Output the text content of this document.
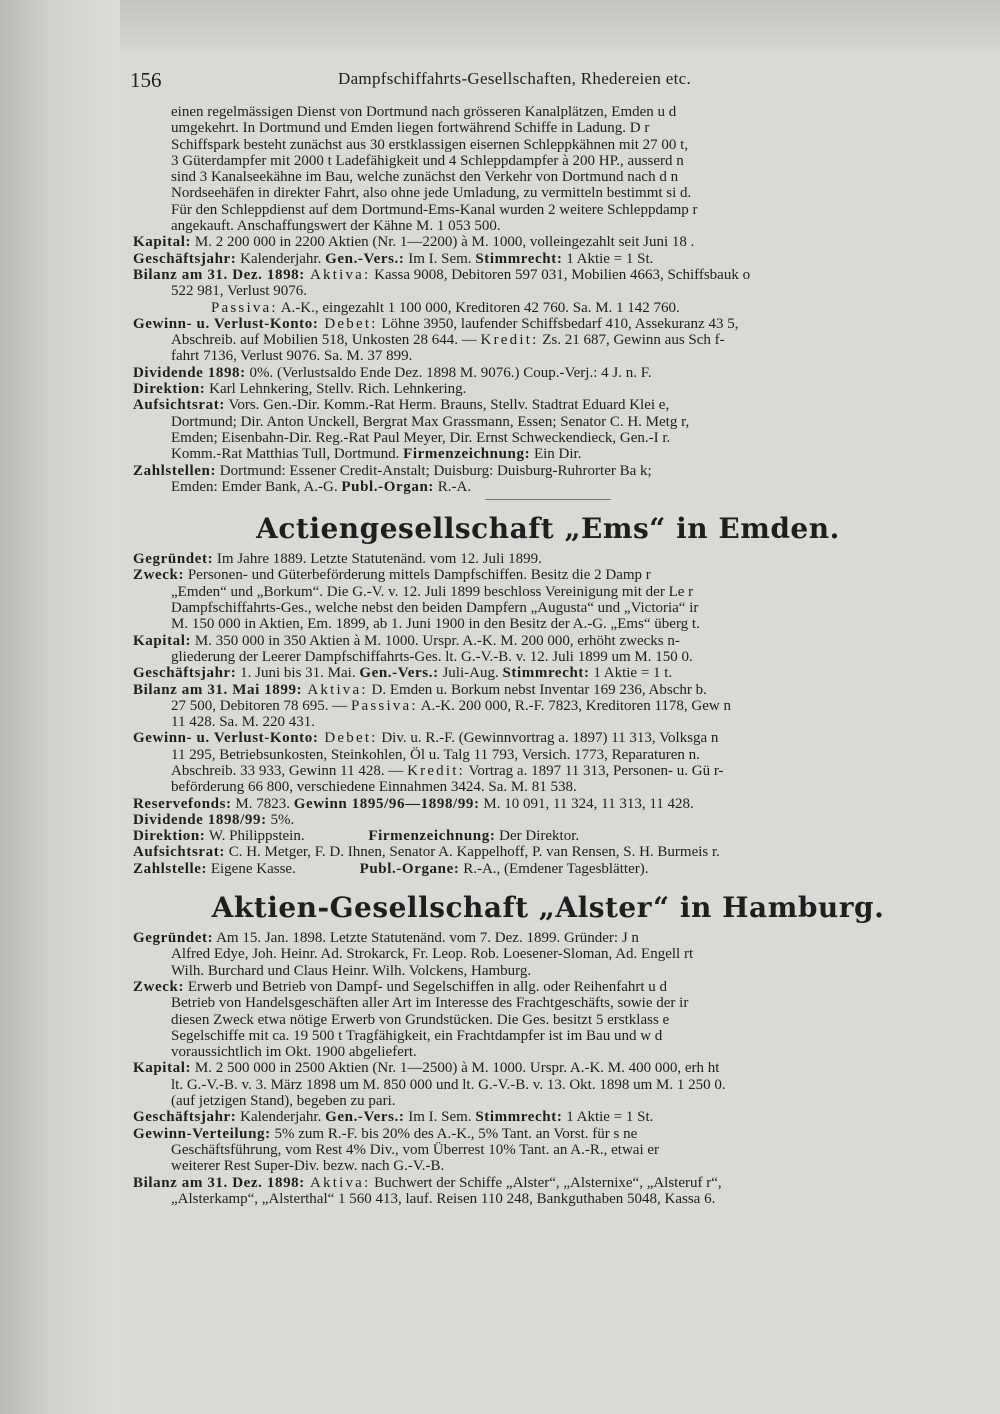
156	Dampfschiffahrts-Gesellschaften, Rhedereien etc.
einen regelmässigen Dienst von Dortmund nach grösseren Kanalplätzen, Emden u d
umgekehrt. In Dortmund und Emden liegen fortwährend Schiffe in Ladung. D r
Schiffspark besteht zunächst aus 30 erstklassigen eisernen Schleppkähnen mit 27 00 t,
3 Güterdampfer mit 2000 t Ladefähigkeit und 4 Schleppdampfer à 200 HP., ausserd n
sind 3 Kanalseekähne im Bau, welche zunächst den Verkehr von Dortmund nach d n
Nordseehäfen in direkter Fahrt, also ohne jede Umladung, zu vermitteln bestimmt si d.
Für den Schleppdienst auf dem Dortmund-Ems-Kanal wurden 2 weitere Schleppdamp r
angekauft. Anschaffungswert der Kähne M. 1 053 500.
Kapital: M. 2 200 000 in 2200 Aktien (Nr. 1—2200) à M. 1000, volleingezahlt seit Juni 18 .
Geschäftsjahr: Kalenderjahr. Gen.-Vers.: Im I. Sem. Stimmrecht: 1 Aktie = 1 St.
Bilanz am 31. Dez. 1898: Aktiva: Kassa 9008, Debitoren 597 031, Mobilien 4663, Schiffsbauk o
522 981, Verlust 9076.
Passiva: A.-K., eingezahlt 1 100 000, Kreditoren 42 760. Sa. M. 1 142 760.
Gewinn- u. Verlust-Konto: Debet: Löhne 3950, laufender Schiffsbedarf 410, Assekuranz 43 5,
Abschreib. auf Mobilien 518, Unkosten 28 644. — Kredit: Zs. 21 687, Gewinn aus Sch f-
fahrt 7136, Verlust 9076. Sa. M. 37 899.
Dividende 1898: 0%. (Verlustsaldo Ende Dez. 1898 M. 9076.) Coup.-Verj.: 4 J. n. F.
Direktion: Karl Lehnkering, Stellv. Rich. Lehnkering.
Aufsichtsrat: Vors. Gen.-Dir. Komm.-Rat Herm. Brauns, Stellv. Stadtrat Eduard Klei e,
Dortmund; Dir. Anton Unckell, Bergrat Max Grassmann, Essen; Senator C. H. Metg r,
Emden; Eisenbahn-Dir. Reg.-Rat Paul Meyer, Dir. Ernst Schweckendieck, Gen.-I r.
Komm.-Rat Matthias Tull, Dortmund. Firmenzeichnung: Ein Dir.
Zahlstellen: Dortmund: Essener Credit-Anstalt; Duisburg: Duisburg-Ruhrorter Ba k;
Emden: Emder Bank, A.-G. Publ.-Organ: R.-A.
Actiengesellschaft „Ems“ in Emden.
Gegründet: Im Jahre 1889. Letzte Statutenänd. vom 12. Juli 1899.
Zweck: Personen- und Güterbeförderung mittels Dampfschiffen. Besitz die 2 Damp r
„Emden“ und „Borkum“. Die G.-V. v. 12. Juli 1899 beschloss Vereinigung mit der Le r
Dampfschiffahrts-Ges., welche nebst den beiden Dampfern „Augusta“ und „Victoria“ ir
M. 150 000 in Aktien, Em. 1899, ab 1. Juni 1900 in den Besitz der A.-G. „Ems“ überg t.
Kapital: M. 350 000 in 350 Aktien à M. 1000. Urspr. A.-K. M. 200 000, erhöht zwecks n-
gliederung der Leerer Dampfschiffahrts-Ges. lt. G.-V.-B. v. 12. Juli 1899 um M. 150 0.
Geschäftsjahr: 1. Juni bis 31. Mai. Gen.-Vers.: Juli-Aug. Stimmrecht: 1 Aktie = 1 t.
Bilanz am 31. Mai 1899: Aktiva: D. Emden u. Borkum nebst Inventar 169 236, Abschr b.
27 500, Debitoren 78 695. — Passiva: A.-K. 200 000, R.-F. 7823, Kreditoren 1178, Gew n
11 428. Sa. M. 220 431.
Gewinn- u. Verlust-Konto: Debet: Div. u. R.-F. (Gewinnvortrag a. 1897) 11 313, Volksga n
11 295, Betriebsunkosten, Steinkohlen, Öl u. Talg 11 793, Versich. 1773, Reparaturen n.
Abschreib. 33 933, Gewinn 11 428. — Kredit: Vortrag a. 1897 11 313, Personen- u. Gü r-
beförderung 66 800, verschiedene Einnahmen 3424. Sa. M. 81 538.
Reservefonds: M. 7823. Gewinn 1895/96—1898/99: M. 10 091, 11 324, 11 313, 11 428.
Dividende 1898/99: 5%.
Direktion: W. Philippstein.	Firmenzeichnung: Der Direktor.
Aufsichtsrat: C. H. Metger, F. D. Ihnen, Senator A. Kappelhoff, P. van Rensen, S. H. Burmeis r.
Zahlstelle: Eigene Kasse.	Publ.-Organe: R.-A., (Emdener Tagesblätter).
Aktien-Gesellschaft „Alster“ in Hamburg.
Gegründet: Am 15. Jan. 1898. Letzte Statutenänd. vom 7. Dez. 1899. Gründer: J n
Alfred Edye, Joh. Heinr. Ad. Strokarck, Fr. Leop. Rob. Loesener-Sloman, Ad. Engell rt
Wilh. Burchard und Claus Heinr. Wilh. Volckens, Hamburg.
Zweck: Erwerb und Betrieb von Dampf- und Segelschiffen in allg. oder Reihenfahrt u d
Betrieb von Handelsgeschäften aller Art im Interesse des Frachtgeschäfts, sowie der ir
diesen Zweck etwa nötige Erwerb von Grundstücken. Die Ges. besitzt 5 erstklass e
Segelschiffe mit ca. 19 500 t Tragfähigkeit, ein Frachtdampfer ist im Bau und w d
voraussichtlich im Okt. 1900 abgeliefert.
Kapital: M. 2 500 000 in 2500 Aktien (Nr. 1—2500) à M. 1000. Urspr. A.-K. M. 400 000, erh ht
lt. G.-V.-B. v. 3. März 1898 um M. 850 000 und lt. G.-V.-B. v. 13. Okt. 1898 um M. 1 250 0.
(auf jetzigen Stand), begeben zu pari.
Geschäftsjahr: Kalenderjahr. Gen.-Vers.: Im I. Sem. Stimmrecht: 1 Aktie = 1 St.
Gewinn-Verteilung: 5% zum R.-F. bis 20% des A.-K., 5% Tant. an Vorst. für s ne
Geschäftsführung, vom Rest 4% Div., vom Überrest 10% Tant. an A.-R., etwai er
weiterer Rest Super-Div. bezw. nach G.-V.-B.
Bilanz am 31. Dez. 1898: Aktiva: Buchwert der Schiffe „Alster“, „Alsternixe“, „Alsteruf r“,
„Alsterkamp“, „Alsterthal“ 1 560 413, lauf. Reisen 110 248, Bankguthaben 5048, Kassa 6.
